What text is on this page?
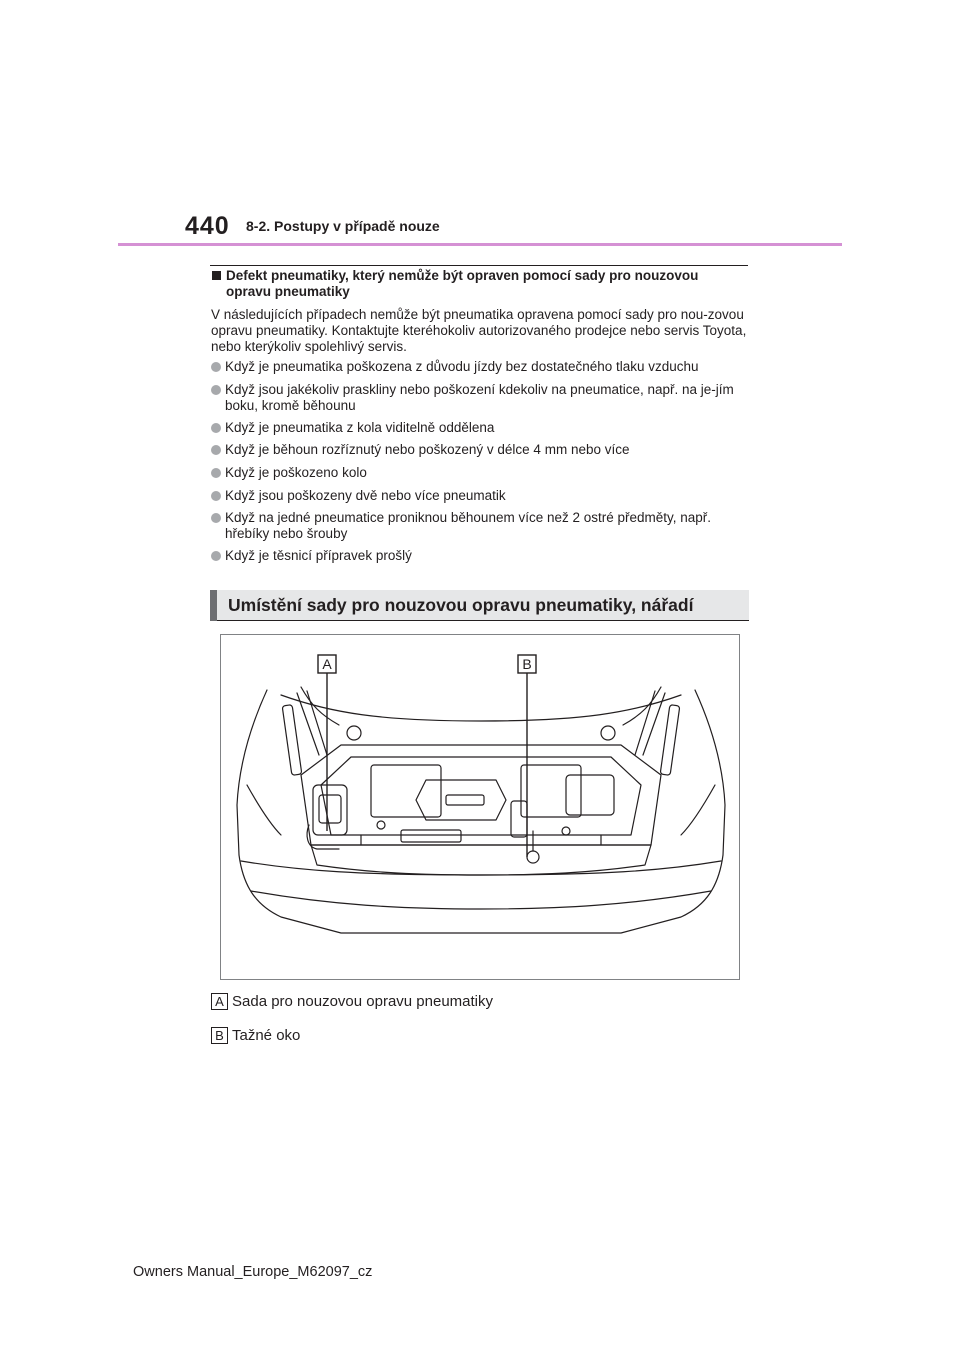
440 8-2. Postupy v případě nouze
Defekt pneumatiky, který nemůže být opraven pomocí sady pro nouzovou opravu pneumatiky
V následujících případech nemůže být pneumatika opravena pomocí sady pro nou-zovou opravu pneumatiky. Kontaktujte kteréhokoliv autorizovaného prodejce nebo servis Toyota, nebo kterýkoliv spolehlivý servis.
Když je pneumatika poškozena z důvodu jízdy bez dostatečného tlaku vzduchu
Když jsou jakékoliv praskliny nebo poškození kdekoliv na pneumatice, např. na je-jím boku, kromě běhounu
Když je pneumatika z kola viditelně oddělena
Když je běhoun rozříznutý nebo poškozený v délce 4 mm nebo více
Když je poškozeno kolo
Když jsou poškozeny dvě nebo více pneumatik
Když na jedné pneumatice proniknou běhounem více než 2 ostré předměty, např. hřebíky nebo šrouby
Když je těsnicí přípravek prošlý
Umístění sady pro nouzovou opravu pneumatiky, nářadí
A	B
A Sada pro nouzovou opravu pneumatiky
B Tažné oko
Owners Manual_Europe_M62097_cz
